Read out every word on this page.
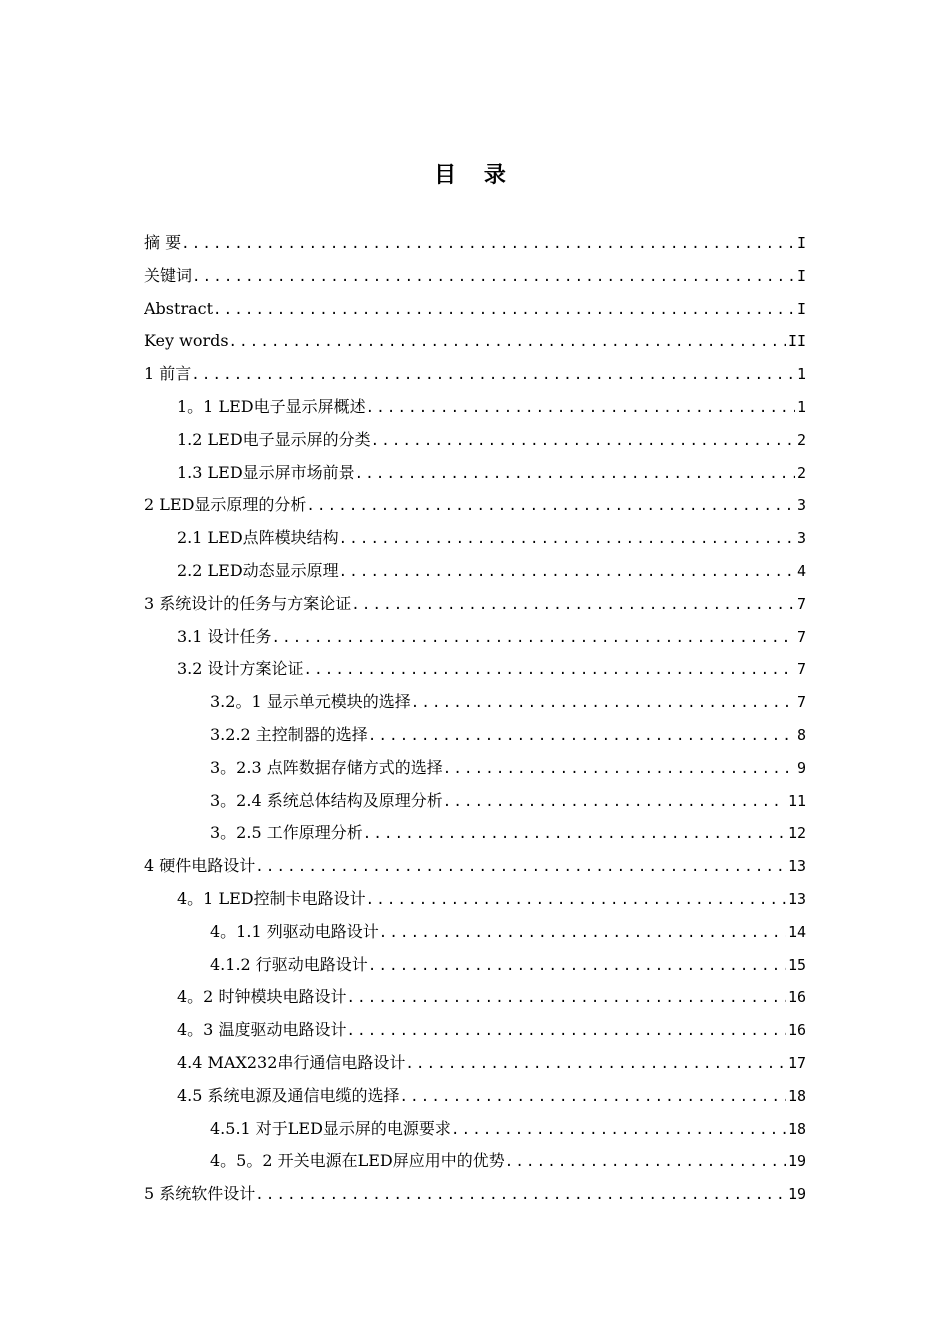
目 录
摘 要 .....	I
关键词 .....	I
Abstract .....	I
Key words .....	II
1 前言 .....	1
1。1 LED电子显示屏概述 .....	1
1.2 LED电子显示屏的分类 .....	2
1.3 LED显示屏市场前景 .....	2
2 LED显示原理的分析 .....	3
2.1 LED点阵模块结构 .....	3
2.2 LED动态显示原理 .....	4
3 系统设计的任务与方案论证 .....	7
3.1 设计任务 .....	7
3.2 设计方案论证 .....	7
3.2。1 显示单元模块的选择 .....	7
3.2.2 主控制器的选择 .....	8
3。2.3 点阵数据存储方式的选择 .....	9
3。2.4 系统总体结构及原理分析 .....	11
3。2.5 工作原理分析 .....	12
4 硬件电路设计 .....	13
4。1 LED控制卡电路设计 .....	13
4。1.1 列驱动电路设计 .....	14
4.1.2 行驱动电路设计 .....	15
4。2 时钟模块电路设计 .....	16
4。3 温度驱动电路设计 .....	16
4.4 MAX232串行通信电路设计 .....	17
4.5 系统电源及通信电缆的选择 .....	18
4.5.1 对于LED显示屏的电源要求 .....	18
4。5。2 开关电源在LED屏应用中的优势 .....	19
5 系统软件设计 .....	19
